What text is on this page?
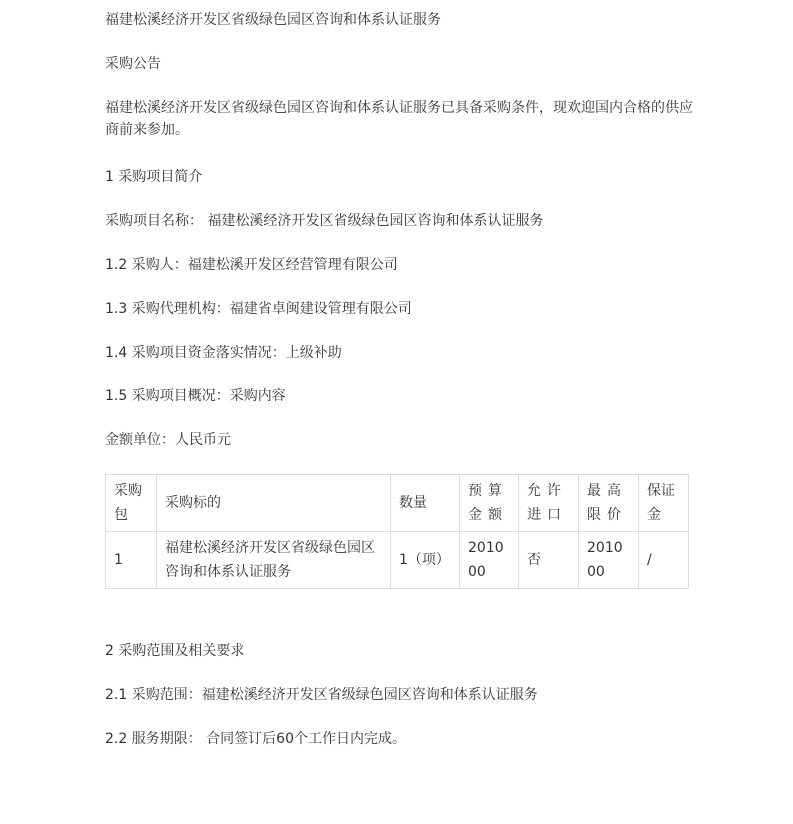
福建松溪经济开发区省级绿色园区咨询和体系认证服务
采购公告
福建松溪经济开发区省级绿色园区咨询和体系认证服务已具备采购条件，现欢迎国内合格的供应商前来参加。
1 采购项目简介
采购项目名称： 福建松溪经济开发区省级绿色园区咨询和体系认证服务
1.2 采购人：福建松溪开发区经营管理有限公司
1.3 采购代理机构：福建省卓闽建设管理有限公司
1.4 采购项目资金落实情况：上级补助
1.5 采购项目概况：采购内容
金额单位：人民币元
采购包	采购标的	数量	预算金额	允许进口	最高限价	保证金
1	福建松溪经济开发区省级绿色园区咨询和体系认证服务	1（项）	201000	否	201000	/
2 采购范围及相关要求
2.1 采购范围：福建松溪经济开发区省级绿色园区咨询和体系认证服务
2.2 服务期限： 合同签订后60个工作日内完成。
